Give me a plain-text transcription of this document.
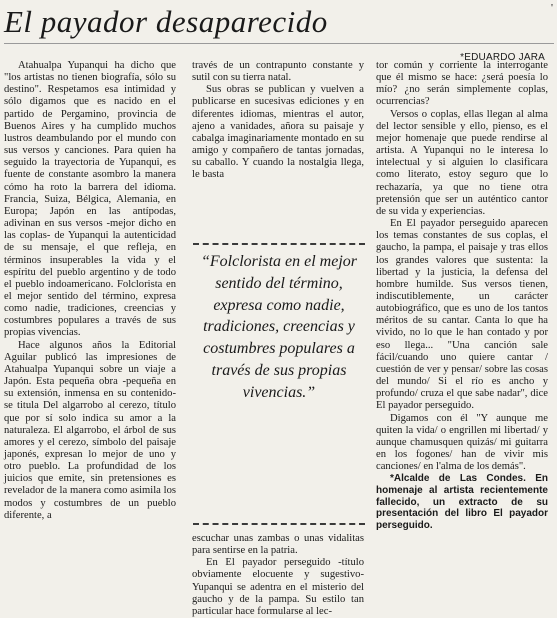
El payador desaparecido	'
*EDUARDO JARA

Atahualpa Yupanqui ha dicho que "los artistas no tienen biografía, sólo su destino". Respetamos esa intimidad y sólo digamos que es nacido en el partido de Pergamino, provincia de Buenos Aires y ha cumplido muchos lustros deambulando por el mundo con sus versos y canciones. Para quien ha seguido la trayectoria de Yupanqui, es fuente de constante asombro la manera cómo ha roto la barrera del idioma. Francia, Suiza, Bélgica, Alemania, en Europa; Japón en las antípodas, adivinan en sus versos -mejor dicho en las coplas- de Yupanqui la autenticidad de su mensaje, el que refleja, en términos insuperables la vida y el espíritu del pueblo argentino y de todo el pueblo indoamericano. Folclorista en el mejor sentido del término, expresa como nadie, tradiciones, creencias y costumbres populares a través de sus propias vivencias.

Hace algunos años la Editorial Aguilar publicó las impresiones de Atahualpa Yupanqui sobre un viaje a Japón. Esta pequeña obra -pequeña en su extensión, inmensa en su contenido- se titula Del algarrobo al cerezo, título que por sí solo indica su amor a la naturaleza. El algarrobo, el árbol de sus amores y el cerezo, símbolo del paisaje japonés, expresan lo mejor de uno y otro pueblo. La profundidad de los juicios que emite, sin pretensiones es revelador de la manera como asimila los modos y costumbres de un pueblo diferente, a

través de un contrapunto constante y sutil con su tierra natal.

Sus obras se publican y vuelven a publicarse en sucesivas ediciones y en diferentes idiomas, mientras el autor, ajeno a vanidades, añora su paisaje y cabalga imaginariamente montado en su amigo y compañero de tantas jornadas, su caballo. Y cuando la nostalgia llega, le basta

“Folclorista en el mejor sentido del término, expresa como nadie, tradiciones, creencias y costumbres populares a través de sus propias vivencias.”

escuchar unas zambas o unas vidalitas para sentirse en la patria.

En El payador perseguido -título obviamente elocuente y sugestivo- Yupanqui se adentra en el misterio del gaucho y de la pampa. Su estilo tan particular hace formularse al lec-

tor común y corriente la interrogante que él mismo se hace: ¿será poesía lo mío? ¿no serán simplemente coplas, ocurrencias?

Versos o coplas, ellas llegan al alma del lector sensible y ello, pienso, es el mejor homenaje que puede rendirse al artista. A Yupanqui no le interesa lo intelectual y si alguien lo clasificara como literato, estoy seguro que lo rechazaría, ya que no tiene otra pretensión que ser un auténtico cantor de su vida y experiencias.

En El payador perseguido aparecen los temas constantes de sus coplas, el gaucho, la pampa, el paisaje y tras ellos los grandes valores que sustenta: la libertad y la justicia, la defensa del hombre humilde. Sus versos tienen, indiscutiblemente, un carácter autobiográfico, que es uno de los tantos méritos de su cantar. Canta lo que ha vivido, no lo que le han contado y por eso llega... "Una canción sale fácil/cuando uno quiere cantar / cuestión de ver y pensar/ sobre las cosas del mundo/ Si el río es ancho y profundo/ cruza el que sabe nadar", dice El payador perseguido.

Digamos con él "Y aunque me quiten la vida/ o engrillen mi libertad/ y aunque chamusquen quizás/ mi guitarra en los fogones/ han de vivir mis canciones/ en l'alma de los demás".

*Alcalde de Las Condes. En homenaje al artista recientemente fallecido, un extracto de su presentación del libro El payador perseguido.
